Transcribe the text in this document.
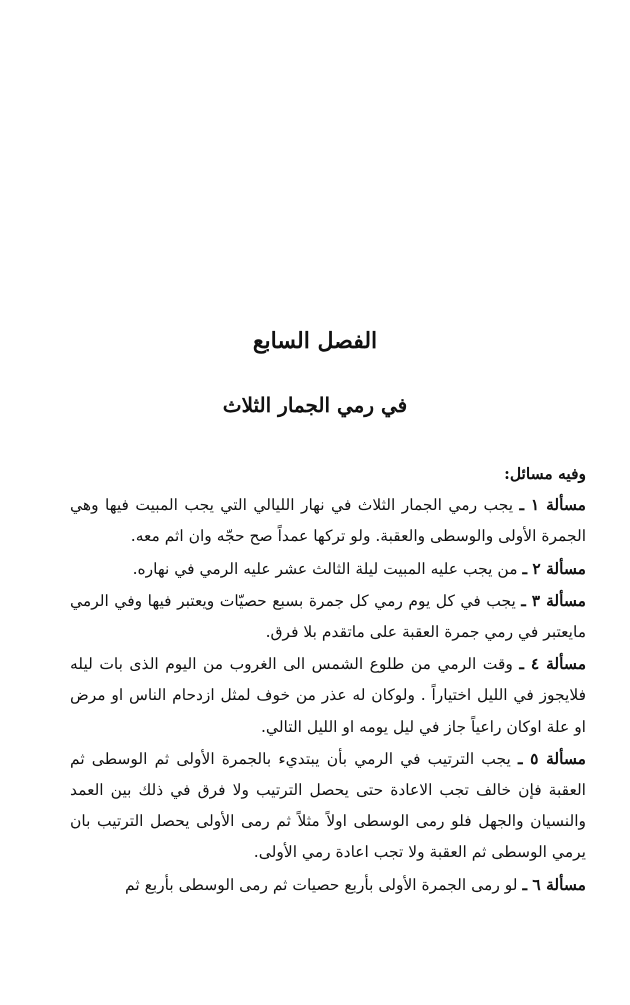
الفصل السابع
في رمي الجمار الثلاث

وفيه مسائل:

مسألة ١ ـ يجب رمي الجمار الثلاث في نهار الليالي التي يجب المبيت فيها وهي الجمرة الأولى والوسطى والعقبة. ولو تركها عمداً صح حجّه وان اثم معه.

مسألة ٢ ـ من يجب عليه المبيت ليلة الثالث عشر عليه الرمي في نهاره.

مسألة ٣ ـ يجب في كل يوم رمي كل جمرة بسبع حصيّات ويعتبر فيها وفي الرمي مايعتبر في رمي جمرة العقبة على ماتقدم بلا فرق.

مسألة ٤ ـ وقت الرمي من طلوع الشمس الى الغروب من اليوم الذى بات ليله فلايجوز في الليل اختياراً . ولوكان له عذر من خوف لمثل ازدحام الناس او مرض او علة اوكان راعياً جاز في ليل يومه او الليل التالي.

مسألة ٥ ـ يجب الترتيب في الرمي بأن يبتديء بالجمرة الأولى ثم الوسطى ثم العقبة فإن خالف تجب الاعادة حتى يحصل الترتيب ولا فرق في ذلك بين العمد والنسيان والجهل فلو رمى الوسطى اولاً مثلاً ثم رمى الأولى يحصل الترتيب بان يرمي الوسطى ثم العقبة ولا تجب اعادة رمي الأولى.

مسألة ٦ ـ لو رمى الجمرة الأولى بأربع حصيات ثم رمى الوسطى بأربع ثم
